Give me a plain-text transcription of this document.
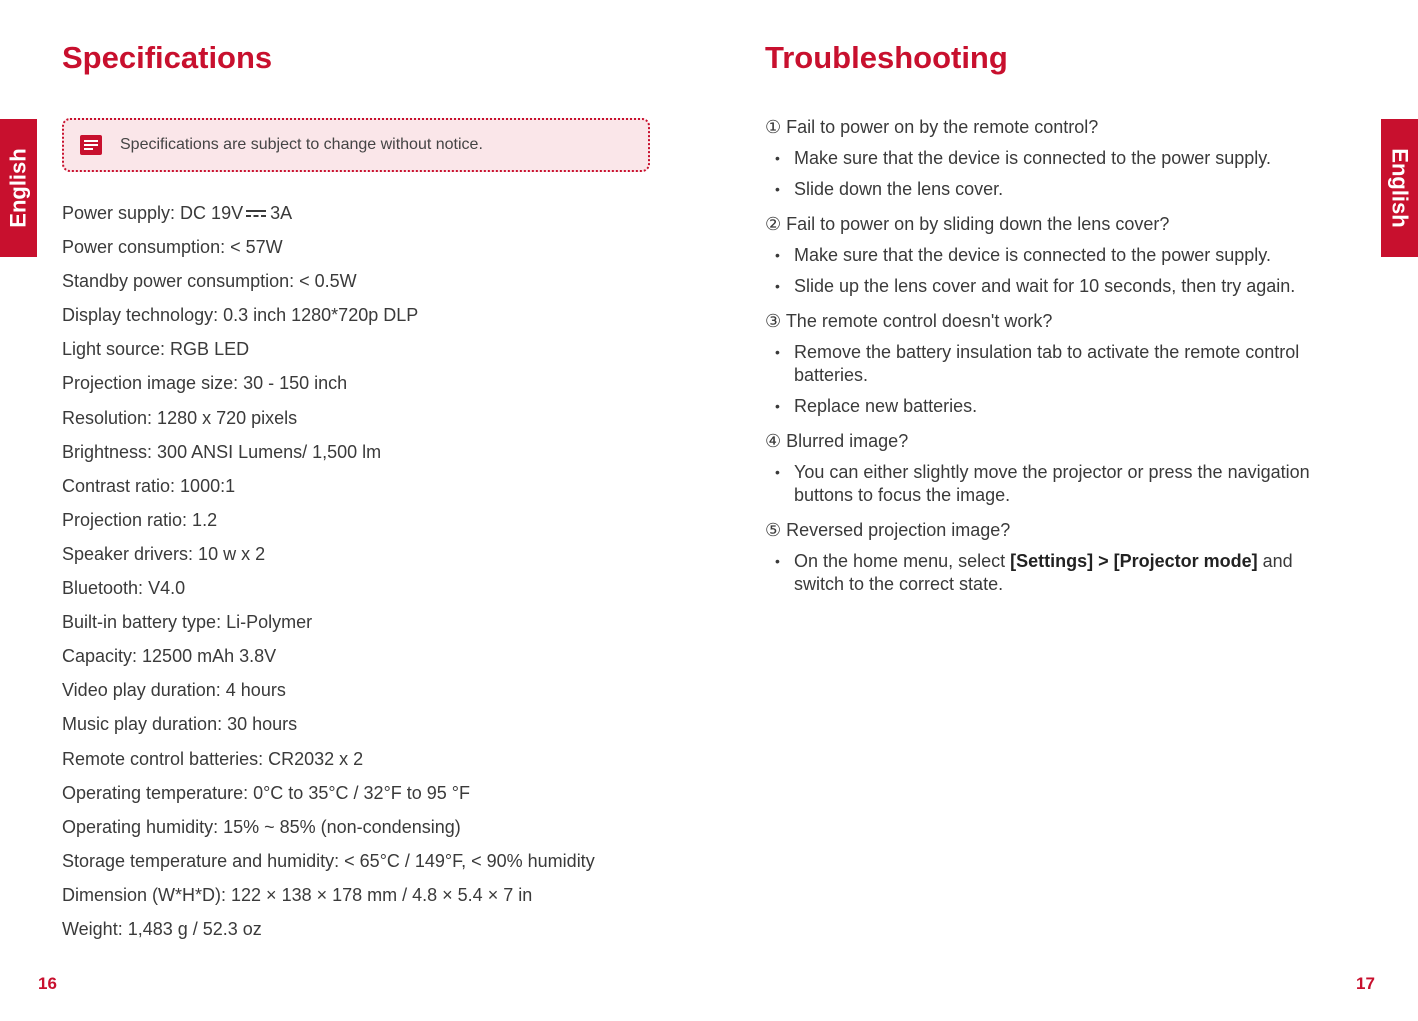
Specifications
English
Specifications are subject to change without notice.
Power supply: DC 19V 3A
Power consumption: < 57W
Standby power consumption: < 0.5W
Display technology: 0.3 inch 1280*720p DLP
Light source: RGB LED
Projection image size: 30 - 150 inch
Resolution: 1280 x 720 pixels
Brightness: 300 ANSI Lumens/ 1,500 lm
Contrast ratio: 1000:1
Projection ratio: 1.2
Speaker drivers: 10 w x 2
Bluetooth: V4.0
Built-in battery type: Li-Polymer
Capacity: 12500 mAh 3.8V
Video play duration: 4 hours
Music play duration: 30 hours
Remote control batteries: CR2032 x 2
Operating temperature: 0°C to 35°C / 32°F to 95 °F
Operating humidity: 15% ~ 85% (non-condensing)
Storage temperature and humidity: < 65°C / 149°F, < 90% humidity
Dimension (W*H*D): 122 × 138 × 178 mm / 4.8 × 5.4 × 7 in
Weight: 1,483 g / 52.3 oz
16
Troubleshooting
English
① Fail to power on by the remote control?
• Make sure that the device is connected to the power supply.
• Slide down the lens cover.
② Fail to power on by sliding down the lens cover?
• Make sure that the device is connected to the power supply.
• Slide up the lens cover and wait for 10 seconds, then try again.
③ The remote control doesn't work?
• Remove the battery insulation tab to activate the remote control batteries.
• Replace new batteries.
④ Blurred image?
• You can either slightly move the projector or press the navigation buttons to focus the image.
⑤ Reversed projection image?
• On the home menu, select [Settings] > [Projector mode] and switch to the correct state.
17
